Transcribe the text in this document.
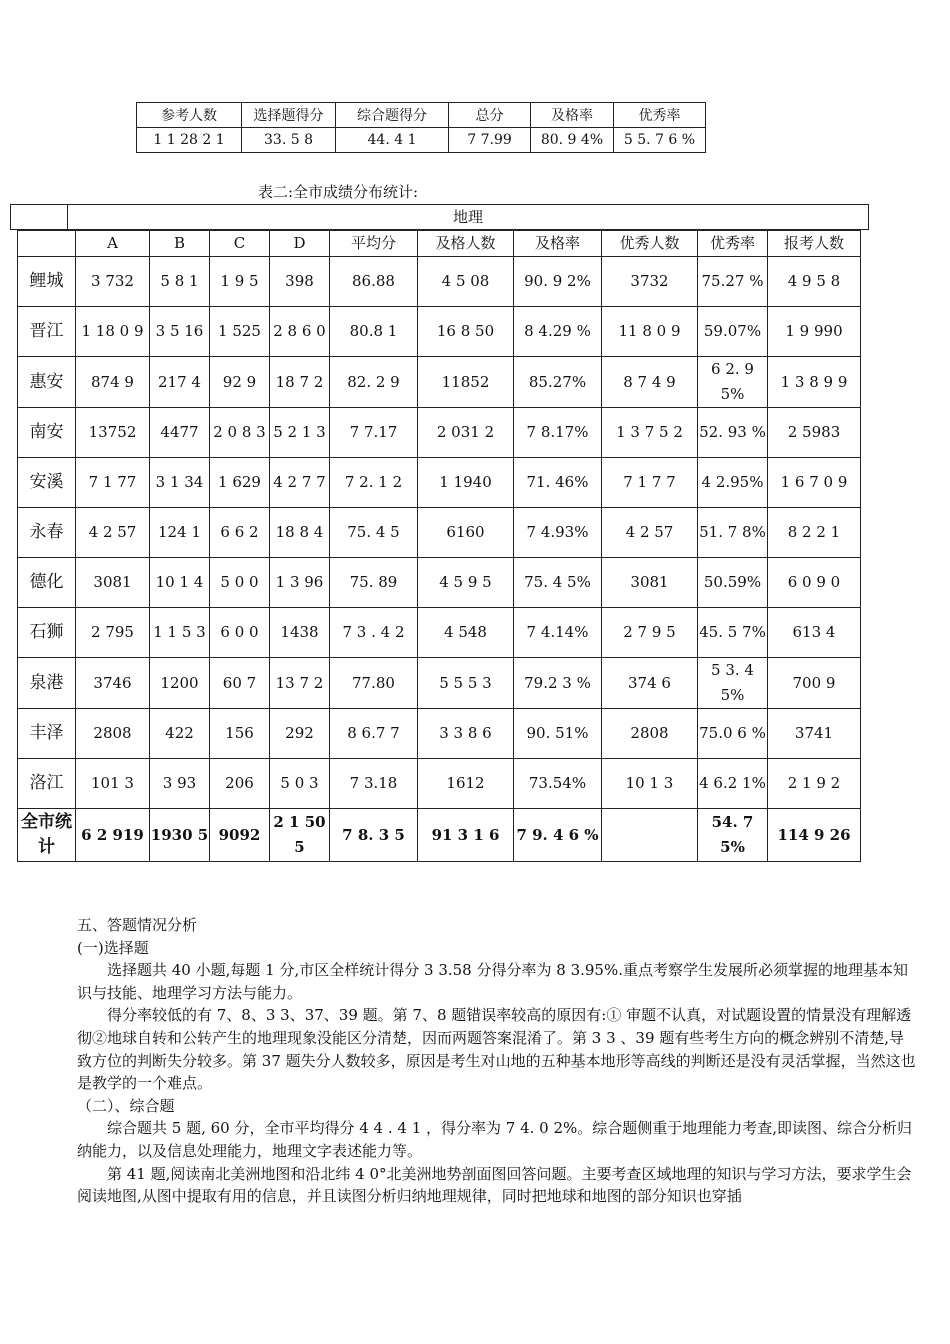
参考人数	选择题得分	综合题得分	总分	及格率	优秀率
1 1 28 2 1	33. 5 8	44. 4 1	7 7.99	80. 9 4%	5 5. 7 6 %
表二:全市成绩分布统计:
地理
	A	B	C	D	平均分	及格人数	及格率	优秀人数	优秀率	报考人数
鲤城	3 732	5 8 1	1 9 5	398	86.88	4 5 08	90. 9 2%	3732	75.27 %	4 9 5 8
晋江	1 18 0 9	3 5 16	1 525	2 8 6 0	80.8 1	16 8 50	8 4.29 %	11 8 0 9	59.07%	1 9 990
惠安	874 9	217 4	92 9	18 7 2	82. 2 9	11852	85.27%	8 7 4 9	6 2. 9 5%	1 3 8 9 9
南安	13752	4477	2 0 8 3	5 2 1 3	7 7.17	2 031 2	7 8.17%	1 3 7 5 2	52. 93 %	2 5983
安溪	7 1 77	3 1 34	1 629	4 2 7 7	7 2. 1 2	1 1940	71. 46%	7 1 7 7	4 2.95%	1 6 7 0 9
永春	4 2 57	124 1	6 6 2	18 8 4	75. 4 5	6160	7 4.93%	4 2 57	51. 7 8%	8 2 2 1
德化	3081	10 1 4	5 0 0	1 3 96	75. 89	4 5 9 5	75. 4 5%	3081	50.59%	6 0 9 0
石狮	2 795	1 1 5 3	6 0 0	1438	7 3 . 4 2	4 548	7 4.14%	2 7 9 5	45. 5 7%	613 4
泉港	3746	1200	60 7	13 7 2	77.80	5 5 5 3	79.2 3 %	374 6	5 3. 4 5%	700 9
丰泽	2808	422	156	292	8 6.7 7	3 3 8 6	90. 51%	2808	75.0 6 %	3741
洛江	101 3	3 93	206	5 0 3	7 3.18	1612	73.54%	10 1 3	4 6.2 1%	2 1 9 2
全市统计	6 2 919	1930 5	9092	2 1 505	7 8. 3 5	91 3 1 6	7 9. 4 6 %		54. 7 5%	114 9 26

五、答题情况分析

(一)选择题

选择题共 40 小题,每题 1 分,市区全样统计得分 3 3.58 分得分率为 8 3.95%.重点考察学生发展所必须掌握的地理基本知识与技能、地理学习方法与能力。

得分率较低的有 7、8、3 3、37、39 题。第 7、8 题错误率较高的原因有:① 审题不认真，对试题设置的情景没有理解透彻②地球自转和公转产生的地理现象没能区分清楚，因而两题答案混淆了。第 3 3 、39 题有些考生方向的概念辨别不清楚,导致方位的判断失分较多。第 37 题失分人数较多，原因是考生对山地的五种基本地形等高线的判断还是没有灵活掌握，当然这也是教学的一个难点。

（二）、综合题

综合题共 5 题, 60 分，全市平均得分 4 4 . 4 1 ，得分率为 7 4. 0 2%。综合题侧重于地理能力考查,即读图、综合分析归纳能力，以及信息处理能力，地理文字表述能力等。

第 41 题,阅读南北美洲地图和沿北纬 4 0°北美洲地势剖面图回答问题。主要考查区域地理的知识与学习方法，要求学生会阅读地图,从图中提取有用的信息，并且读图分析归纳地理规律，同时把地球和地图的部分知识也穿插
